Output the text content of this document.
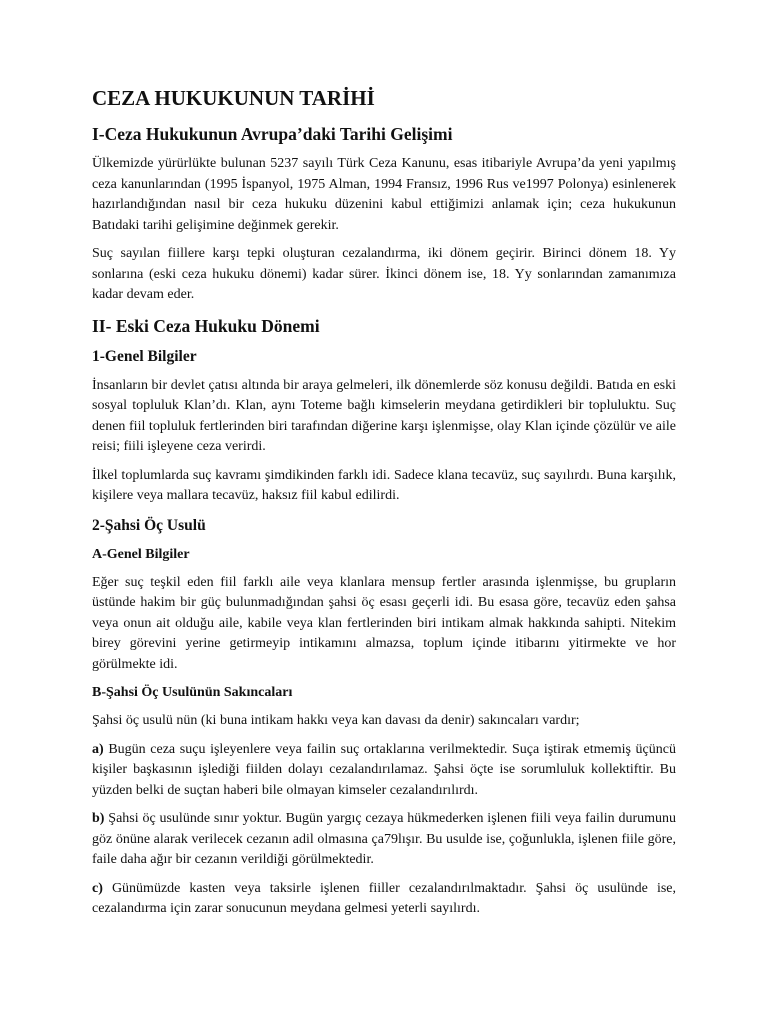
CEZA HUKUKUNUN TARİHİ
I-Ceza Hukukunun Avrupa’daki Tarihi Gelişimi

Ülkemizde yürürlükte bulunan 5237 sayılı Türk Ceza Kanunu, esas itibariyle Avrupa’da yeni yapılmış ceza kanunlarından (1995 İspanyol, 1975 Alman, 1994 Fransız, 1996 Rus ve1997 Polonya) esinlenerek hazırlandığından nasıl bir ceza hukuku düzenini kabul ettiğimizi anlamak için; ceza hukukunun Batıdaki tarihi gelişimine değinmek gerekir.

Suç sayılan fiillere karşı tepki oluşturan cezalandırma, iki dönem geçirir. Birinci dönem 18. Yy sonlarına (eski ceza hukuku dönemi) kadar sürer. İkinci dönem ise, 18. Yy sonlarından zamanımıza kadar devam eder.

II- Eski Ceza Hukuku Dönemi
1-Genel Bilgiler

İnsanların bir devlet çatısı altında bir araya gelmeleri, ilk dönemlerde söz konusu değildi. Batıda en eski sosyal topluluk Klan’dı. Klan, aynı Toteme bağlı kimselerin meydana getirdikleri bir topluluktu. Suç denen fiil topluluk fertlerinden biri tarafından diğerine karşı işlenmişse, olay Klan içinde çözülür ve aile reisi; fiili işleyene ceza verirdi.

İlkel toplumlarda suç kavramı şimdikinden farklı idi. Sadece klana tecavüz, suç sayılırdı. Buna karşılık, kişilere veya mallara tecavüz, haksız fiil kabul edilirdi.

2-Şahsi Öç Usulü
A-Genel Bilgiler

Eğer suç teşkil eden fiil farklı aile veya klanlara mensup fertler arasında işlenmişse, bu grupların üstünde hakim bir güç bulunmadığından şahsi öç esası geçerli idi. Bu esasa göre, tecavüz eden şahsa veya onun ait olduğu aile, kabile veya klan fertlerinden biri intikam almak hakkında sahipti. Nitekim birey görevini yerine getirmeyip intikamını almazsa, toplum içinde itibarını yitirmekte ve hor görülmekte idi.

B-Şahsi Öç Usulünün Sakıncaları

Şahsi öç usulü nün (ki buna intikam hakkı veya kan davası da denir) sakıncaları vardır;

a) Bugün ceza suçu işleyenlere veya failin suç ortaklarına verilmektedir. Suça iştirak etmemiş üçüncü kişiler başkasının işlediği fiilden dolayı cezalandırılamaz. Şahsi öçte ise sorumluluk kollektiftir. Bu yüzden belki de suçtan haberi bile olmayan kimseler cezalandırılırdı.

b) Şahsi öç usulünde sınır yoktur. Bugün yargıç cezaya hükmederken işlenen fiili veya failin durumunu göz önüne alarak verilecek cezanın adil olmasına ça79lışır. Bu usulde ise, çoğunlukla, işlenen fiile göre, faile daha ağır bir cezanın verildiği görülmektedir.

c) Günümüzde kasten veya taksirle işlenen fiiller cezalandırılmaktadır. Şahsi öç usulünde ise, cezalandırma için zarar sonucunun meydana gelmesi yeterli sayılırdı.
